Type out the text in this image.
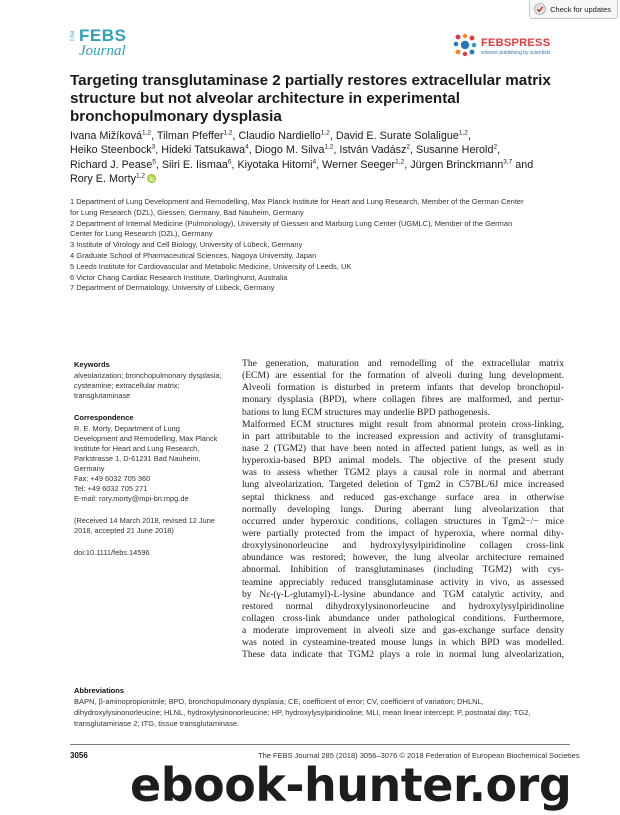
Check for updates
The FEBS
Journal	FEBSPRESS
science publishing by scientists
Targeting transglutaminase 2 partially restores extracellular matrix structure but not alveolar architecture in experimental bronchopulmonary dysplasia

Ivana Mižíková$^{1,2}$, Tilman Pfeffer$^{1,2}$, Claudio Nardiello$^{1,2}$, David E. Surate Solaligue$^{1,2}$,
Heiko Steenbock$^3$, Hideki Tatsukawa$^4$, Diogo M. Silva$^{1,2}$, István Vadász$^2$, Susanne Herold$^2$,
Richard J. Pease$^5$, Siiri E. Iismaa$^6$, Kiyotaka Hitomi$^4$, Werner Seeger$^{1,2}$, Jürgen Brinckmann$^{3,7}$ and
Rory E. Morty$^{1,2}$

1 Department of Lung Development and Remodelling, Max Planck Institute for Heart and Lung Research, Member of the German Center
for Lung Research (DZL), Giessen, Germany, Bad Nauheim, Germany
2 Department of Internal Medicine (Pulmonology), University of Giessen and Marburg Lung Center (UGMLC), Member of the German
Center for Lung Research (DZL), Germany
3 Institute of Virology and Cell Biology, University of Lübeck, Germany
4 Graduate School of Pharmaceutical Sciences, Nagoya University, Japan
5 Leeds Institute for Cardiovascular and Metabolic Medicine, University of Leeds, UK
6 Victor Chang Cardiac Research Institute, Darlinghurst, Australia
7 Department of Dermatology, University of Lübeck, Germany
Keywords
alveolarization; bronchopulmonary dysplasia;
cysteamine; extracellular matrix;
transglutaminase
Correspondence
R. E. Morty, Department of Lung
Development and Remodelling, Max Planck
Institute for Heart and Lung Research,
Parkstrasse 1, D-61231 Bad Nauheim,
Germany
Fax: +49 6032 705 360
Tel: +49 6032 705 271
E-mail: rory.morty@mpi-bn.mpg.de
(Received 14 March 2018, revised 12 June
2018, accepted 21 June 2018)
doi:10.1111/febs.14596
The generation, maturation and remodelling of the extracellular matrix
(ECM) are essential for the formation of alveoli during lung development.
Alveoli formation is disturbed in preterm infants that develop bronchopul-
monary dysplasia (BPD), where collagen fibres are malformed, and pertur-
bations to lung ECM structures may underlie BPD pathogenesis.
Malformed ECM structures might result from abnormal protein cross-linking,
in part attributable to the increased expression and activity of transglutami-
nase 2 (TGM2) that have been noted in affected patient lungs, as well as in
hyperoxia-based BPD animal models. The objective of the present study
was to assess whether TGM2 plays a causal role in normal and aberrant
lung alveolarization. Targeted deletion of Tgm2 in C57BL/6J mice increased
septal thickness and reduced gas-exchange surface area in otherwise
normally developing lungs. During aberrant lung alveolarization that
occurred under hyperoxic conditions, collagen structures in Tgm2−/− mice
were partially protected from the impact of hyperoxia, where normal dihy-
droxylysinonorleucine and hydroxylysylpiridinoline collagen cross-link
abundance was restored; however, the lung alveolar architecture remained
abnormal. Inhibition of transglutaminases (including TGM2) with cys-
teamine appreciably reduced transglutaminase activity in vivo, as assessed
by Nε-(γ-L-glutamyl)-L-lysine abundance and TGM catalytic activity, and
restored normal dihydroxylysinonorleucine and hydroxylysylpiridinoline
collagen cross-link abundance under pathological conditions. Furthermore,
a moderate improvement in alveoli size and gas-exchange surface density
was noted in cysteamine-treated mouse lungs in which BPD was modelled.
These data indicate that TGM2 plays a role in normal lung alveolarization,
Abbreviations

BAPN, β-aminopropionitrile; BPD, bronchopulmonary dysplasia; CE, coefficient of error; CV, coefficient of variation; DHLNL, dihydroxylysinonorleucine; HLNL, hydroxylysinonorleucine; HP, hydroxylysylpiridinoline; MLI, mean linear intercept; P, postnatal day; TG2, transglutaminase 2; tTG, tissue transglutaminase.

3056	The FEBS Journal 285 (2018) 3056–3076 © 2018 Federation of European Biochemical Societies
ebook-hunter.org
